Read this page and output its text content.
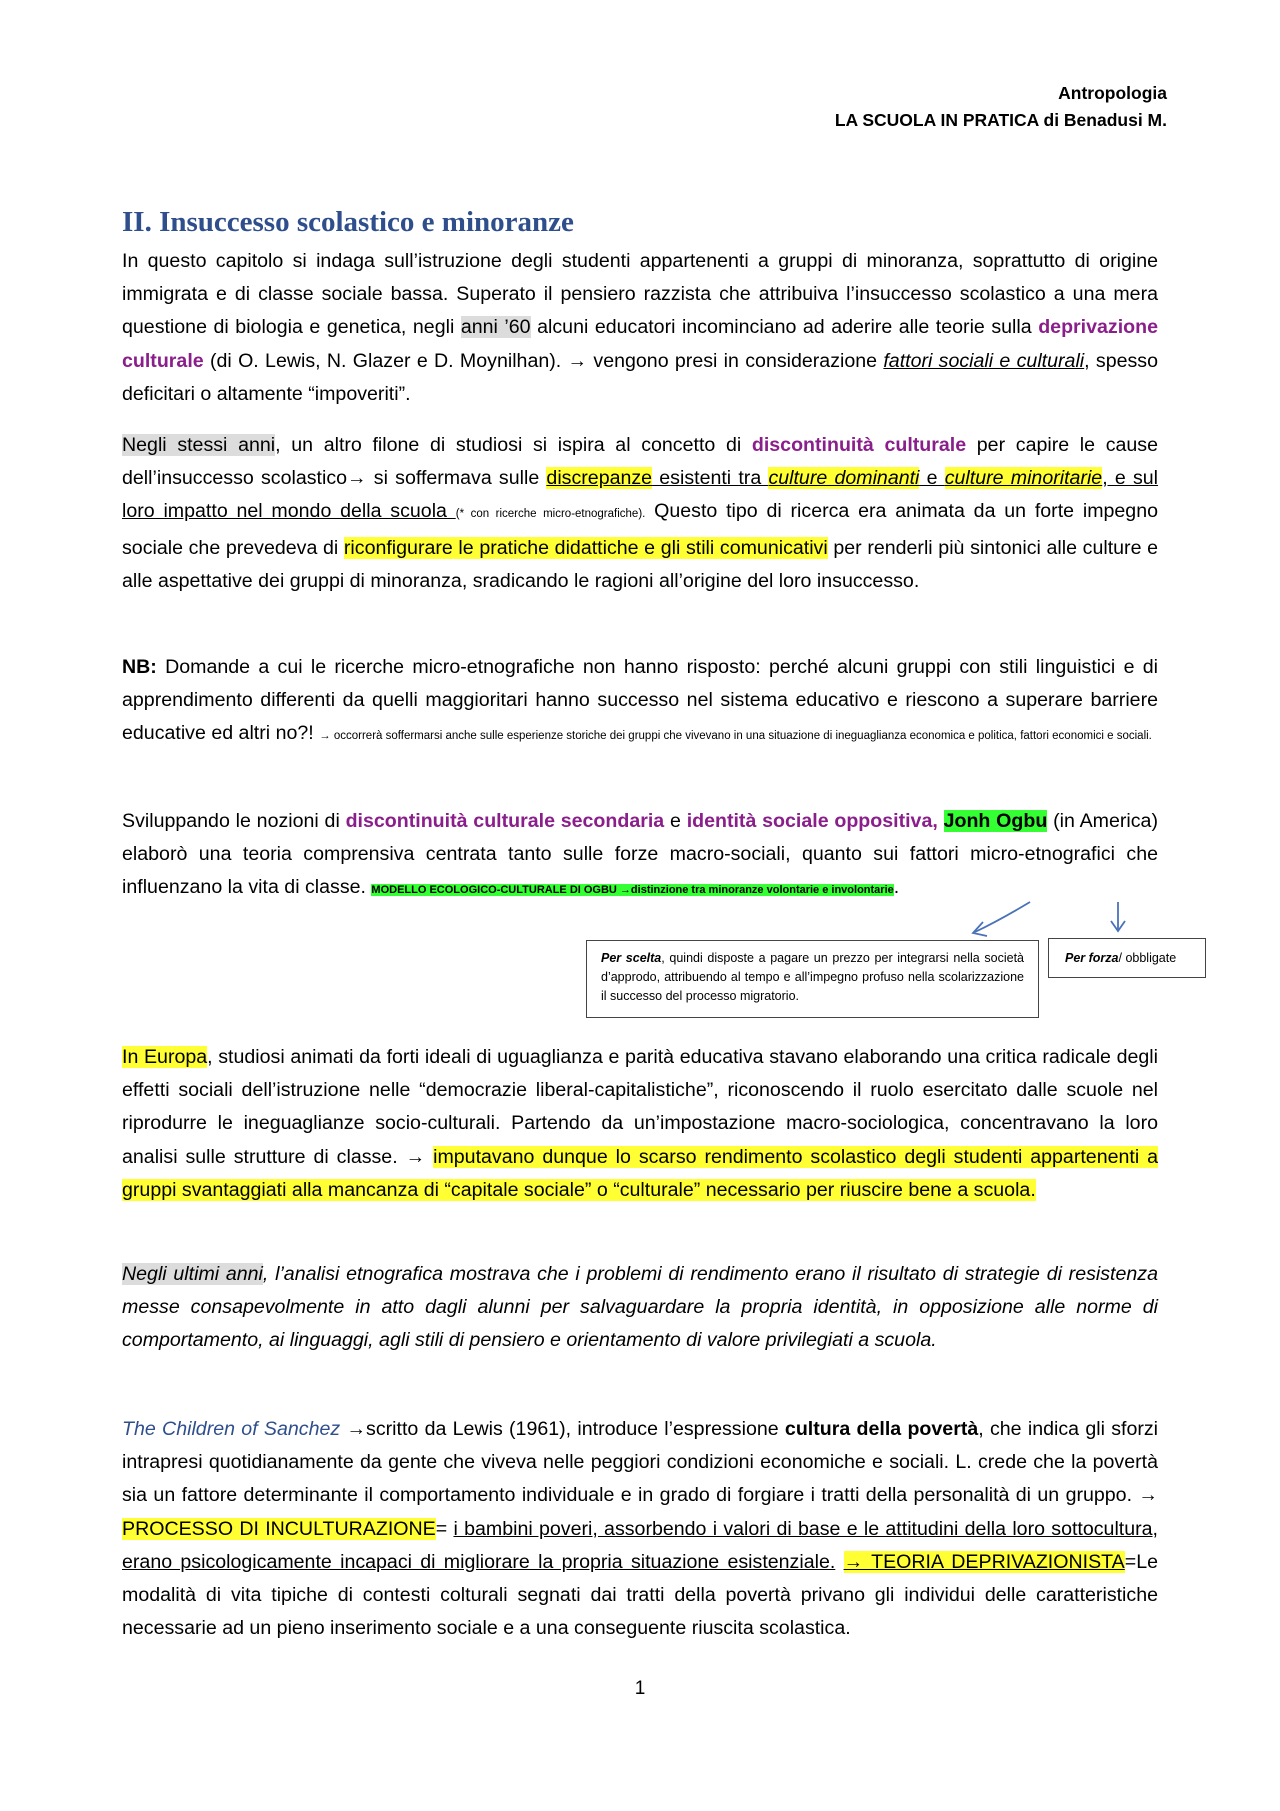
Antropologia
LA SCUOLA IN PRATICA di Benadusi M.
II. Insuccesso scolastico e minoranze

In questo capitolo si indaga sull’istruzione degli studenti appartenenti a gruppi di minoranza, soprattutto di origine immigrata e di classe sociale bassa. Superato il pensiero razzista che attribuiva l’insuccesso scolastico a una mera questione di biologia e genetica, negli anni ’60 alcuni educatori incominciano ad aderire alle teorie sulla deprivazione culturale (di O. Lewis, N. Glazer e D. Moynilhan). → vengono presi in considerazione fattori sociali e culturali, spesso deficitari o altamente “impoveriti”.

Negli stessi anni, un altro filone di studiosi si ispira al concetto di discontinuità culturale per capire le cause dell’insuccesso scolastico→ si soffermava sulle discrepanze esistenti tra culture dominanti e culture minoritarie, e sul loro impatto nel mondo della scuola (* con ricerche micro-etnografiche). Questo tipo di ricerca era animata da un forte impegno sociale che prevedeva di riconfigurare le pratiche didattiche e gli stili comunicativi per renderli più sintonici alle culture e alle aspettative dei gruppi di minoranza, sradicando le ragioni all’origine del loro insuccesso.

NB: Domande a cui le ricerche micro-etnografiche non hanno risposto: perché alcuni gruppi con stili linguistici e di apprendimento differenti da quelli maggioritari hanno successo nel sistema educativo e riescono a superare barriere educative ed altri no?! → occorrerà soffermarsi anche sulle esperienze storiche dei gruppi che vivevano in una situazione di ineguaglianza economica e politica, fattori economici e sociali.

Sviluppando le nozioni di discontinuità culturale secondaria e identità sociale oppositiva, Jonh Ogbu (in America) elaborò una teoria comprensiva centrata tanto sulle forze macro-sociali, quanto sui fattori micro-etnografici che influenzano la vita di classe. MODELLO ECOLOGICO-CULTURALE DI OGBU →distinzione tra minoranze volontarie e involontarie.

Per scelta, quindi disposte a pagare un prezzo per integrarsi nella società d’approdo, attribuendo al tempo e all’impegno profuso nella scolarizzazione il successo del processo migratorio.
Per forza/ obbligate

In Europa, studiosi animati da forti ideali di uguaglianza e parità educativa stavano elaborando una critica radicale degli effetti sociali dell’istruzione nelle “democrazie liberal-capitalistiche”, riconoscendo il ruolo esercitato dalle scuole nel riprodurre le ineguaglianze socio-culturali. Partendo da un’impostazione macro-sociologica, concentravano la loro analisi sulle strutture di classe. → imputavano dunque lo scarso rendimento scolastico degli studenti appartenenti a gruppi svantaggiati alla mancanza di “capitale sociale” o “culturale” necessario per riuscire bene a scuola.

Negli ultimi anni, l’analisi etnografica mostrava che i problemi di rendimento erano il risultato di strategie di resistenza messe consapevolmente in atto dagli alunni per salvaguardare la propria identità, in opposizione alle norme di comportamento, ai linguaggi, agli stili di pensiero e orientamento di valore privilegiati a scuola.

The Children of Sanchez →scritto da Lewis (1961), introduce l’espressione cultura della povertà, che indica gli sforzi intrapresi quotidianamente da gente che viveva nelle peggiori condizioni economiche e sociali. L. crede che la povertà sia un fattore determinante il comportamento individuale e in grado di forgiare i tratti della personalità di un gruppo. → PROCESSO DI INCULTURAZIONE= i bambini poveri, assorbendo i valori di base e le attitudini della loro sottocultura, erano psicologicamente incapaci di migliorare la propria situazione esistenziale. → TEORIA DEPRIVAZIONISTA=Le modalità di vita tipiche di contesti colturali segnati dai tratti della povertà privano gli individui delle caratteristiche necessarie ad un pieno inserimento sociale e a una conseguente riuscita scolastica.

1
